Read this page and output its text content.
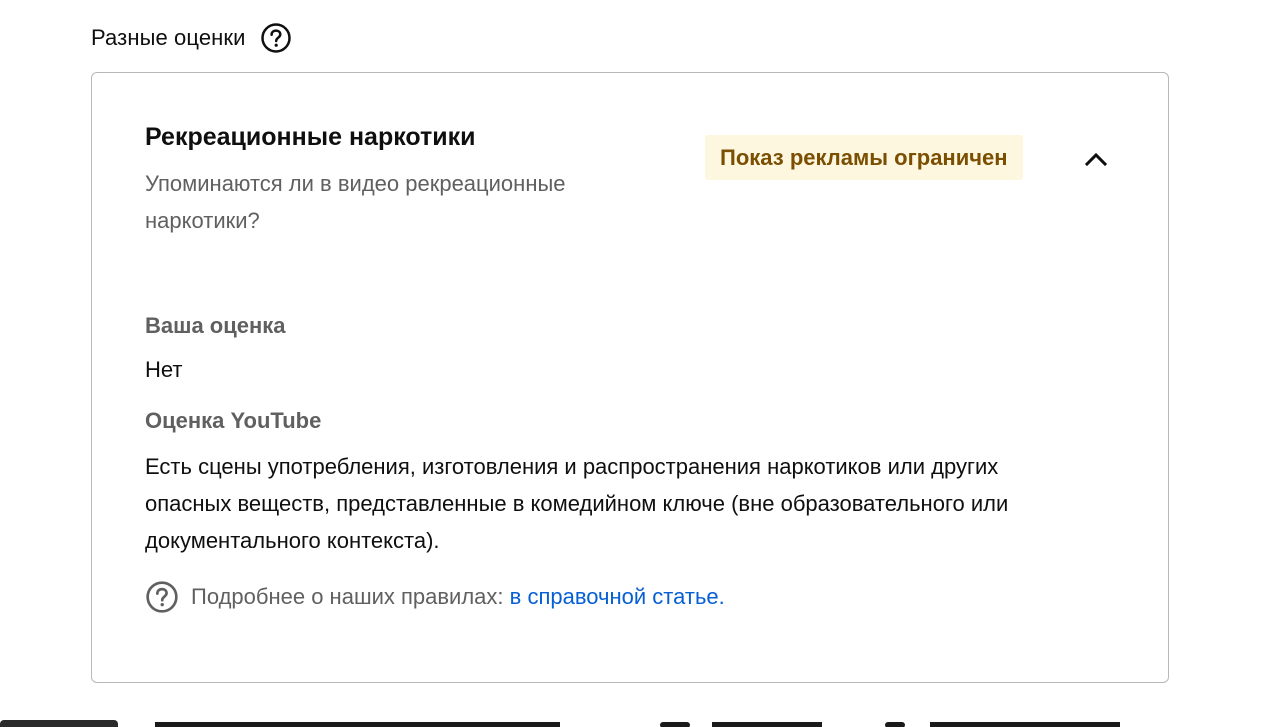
Разные оценки
Рекреационные наркотики
Упоминаются ли в видео рекреационные наркотики?
Показ рекламы ограничен
Ваша оценка
Нет
Оценка YouTube
Есть сцены употребления, изготовления и распространения наркотиков или других опасных веществ, представленные в комедийном ключе (вне образовательного или документального контекста).
Подробнее о наших правилах: в справочной статье .
